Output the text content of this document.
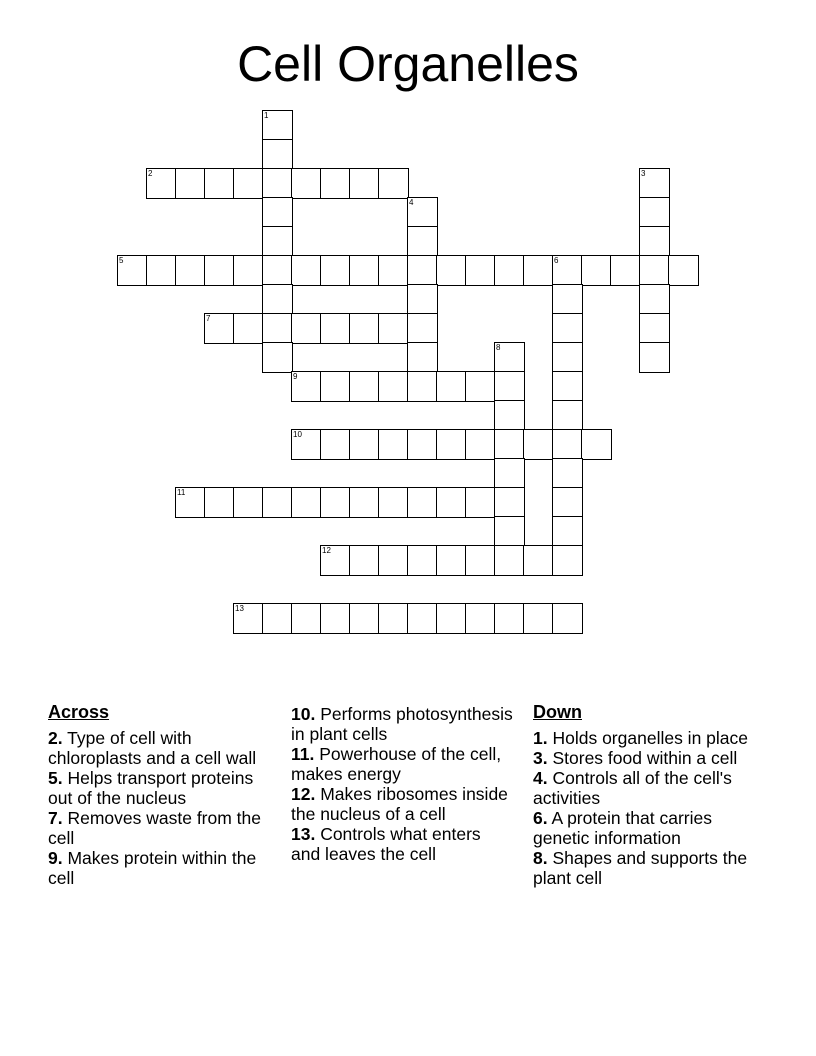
Cell Organelles
1
2	3
4
5	6
7
8
9
10
11
12
13
Across

2. Type of cell with chloroplasts and a cell wall

5. Helps transport proteins out of the nucleus

7. Removes waste from the cell

9. Makes protein within the cell

10. Performs photosynthesis in plant cells

11. Powerhouse of the cell, makes energy

12. Makes ribosomes inside the nucleus of a cell

13. Controls what enters and leaves the cell

Down

1. Holds organelles in place

3. Stores food within a cell

4. Controls all of the cell's activities

6. A protein that carries genetic information

8. Shapes and supports the plant cell
